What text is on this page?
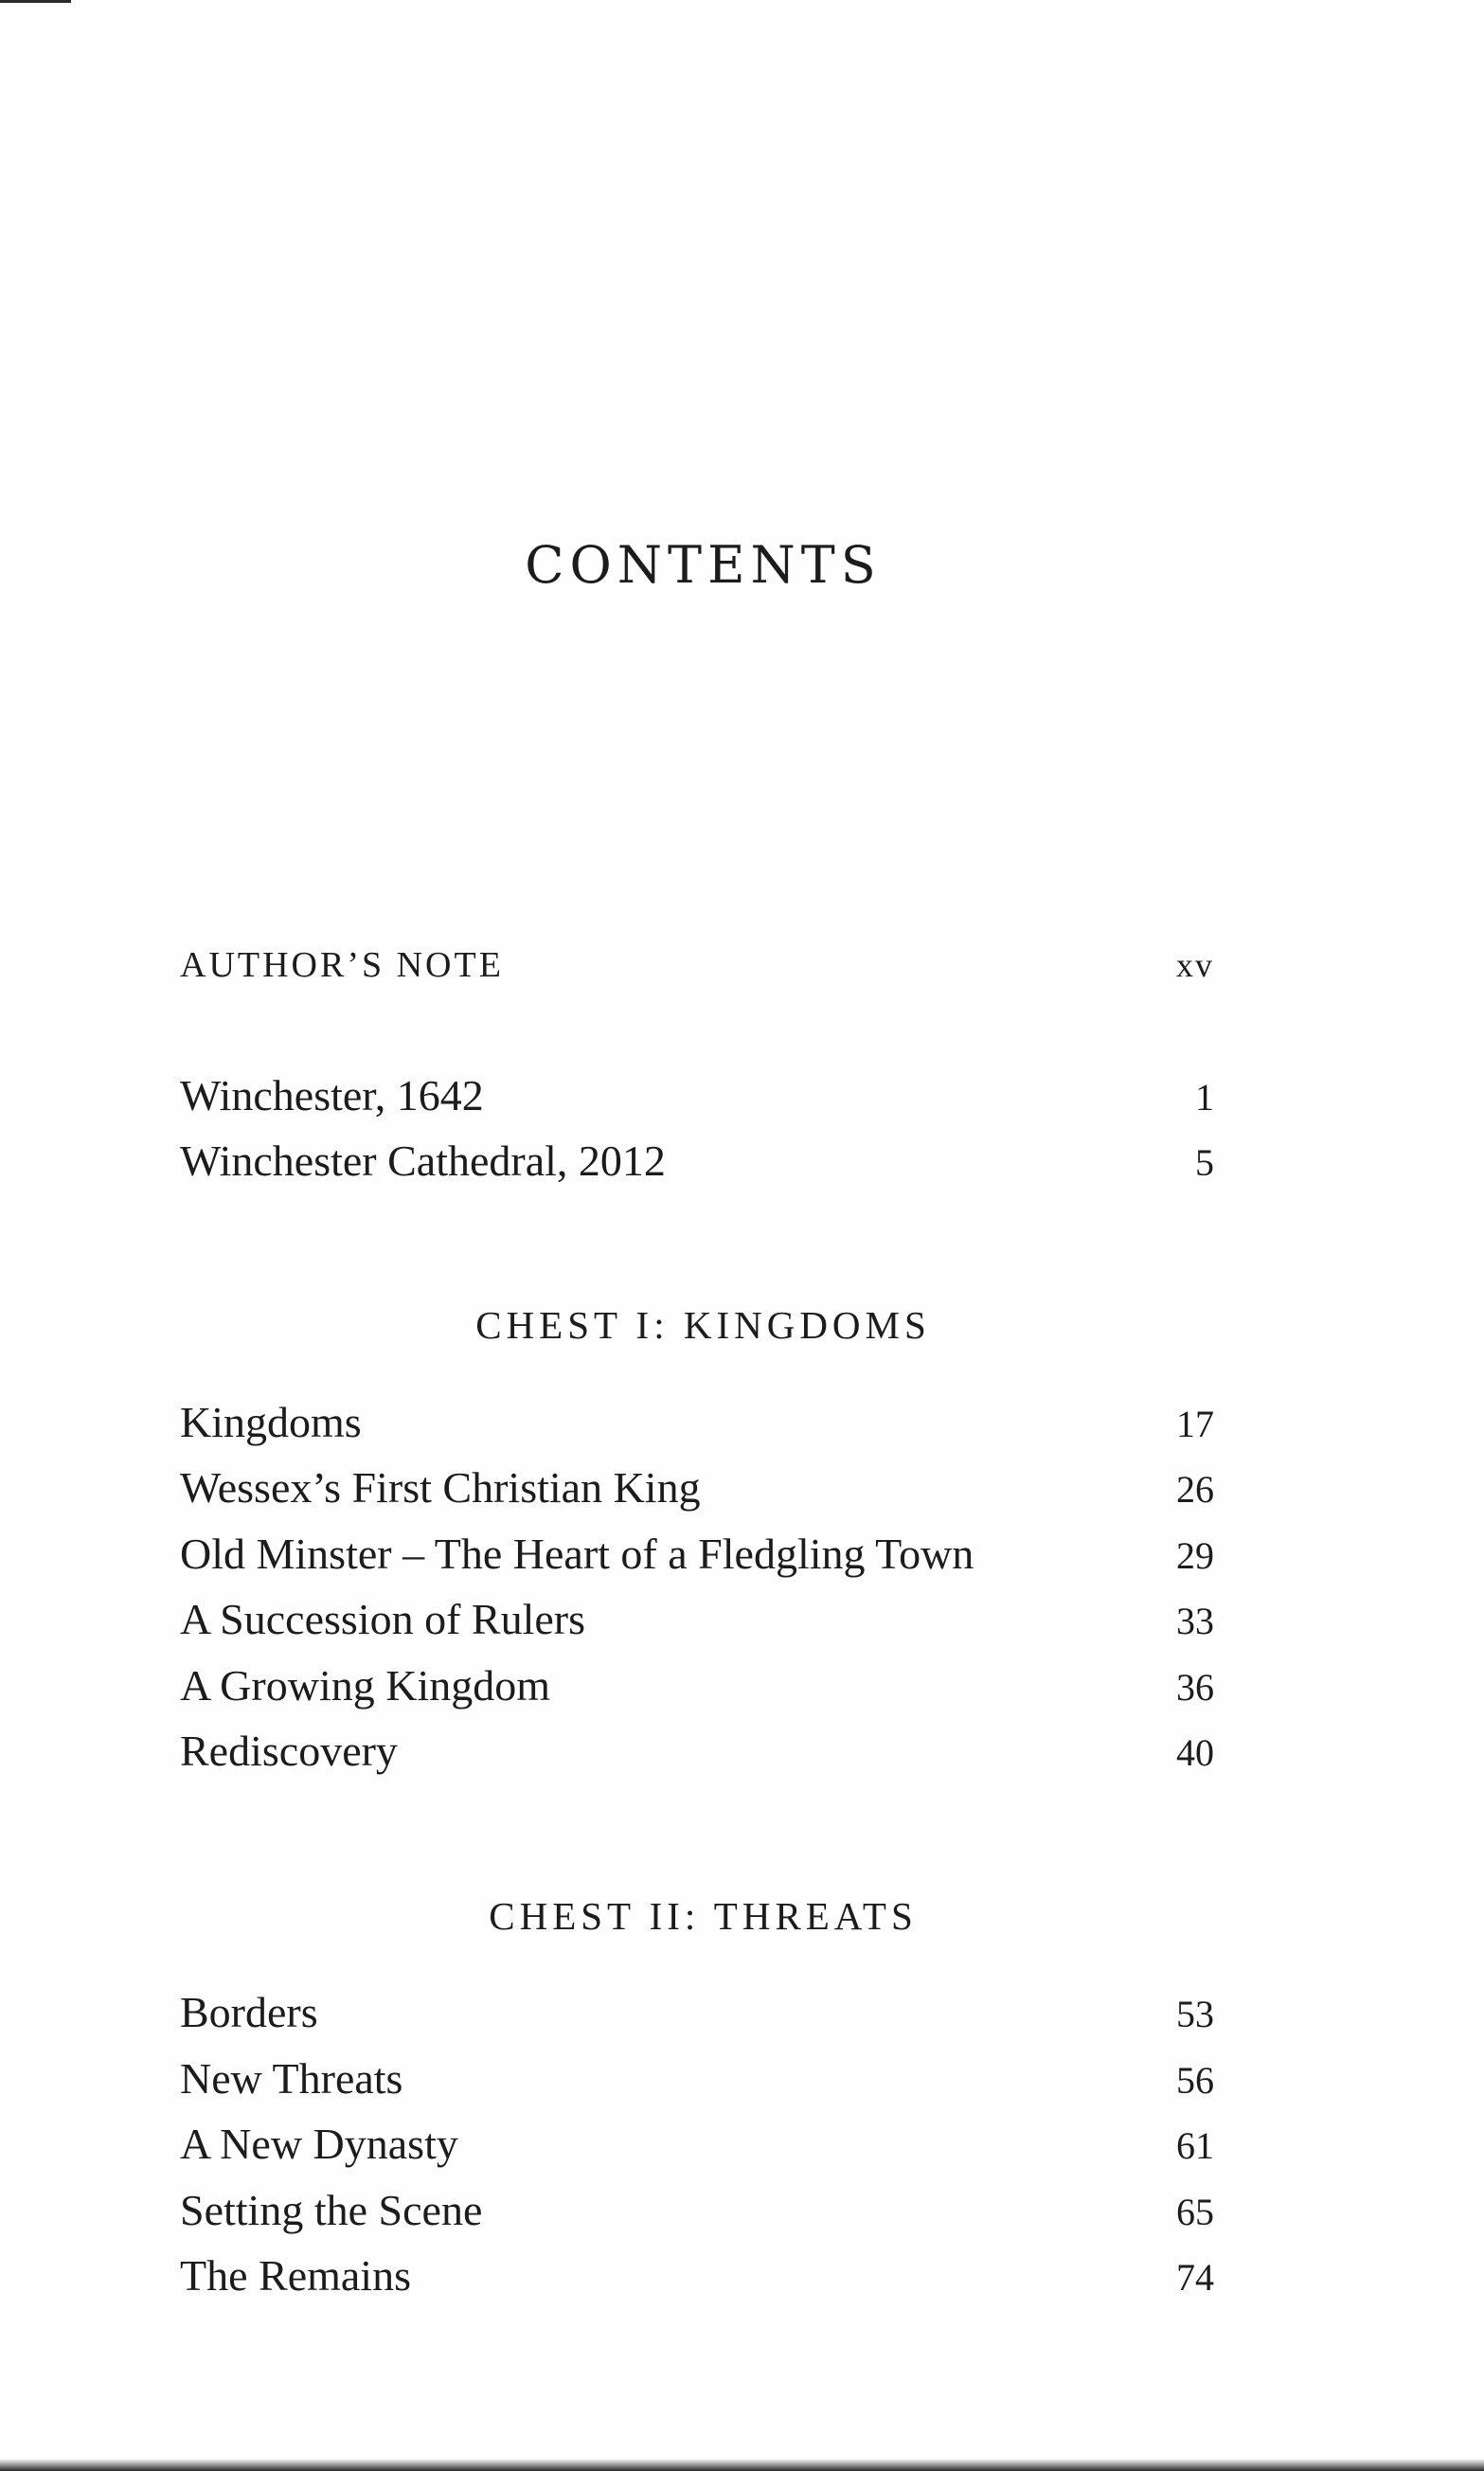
CONTENTS
AUTHOR’S NOTE	xv
Winchester, 1642	1
Winchester Cathedral, 2012	5
CHEST I: KINGDOMS
Kingdoms	17
Wessex’s First Christian King	26
Old Minster – The Heart of a Fledgling Town	29
A Succession of Rulers	33
A Growing Kingdom	36
Rediscovery	40
CHEST II: THREATS
Borders	53
New Threats	56
A New Dynasty	61
Setting the Scene	65
The Remains	74
